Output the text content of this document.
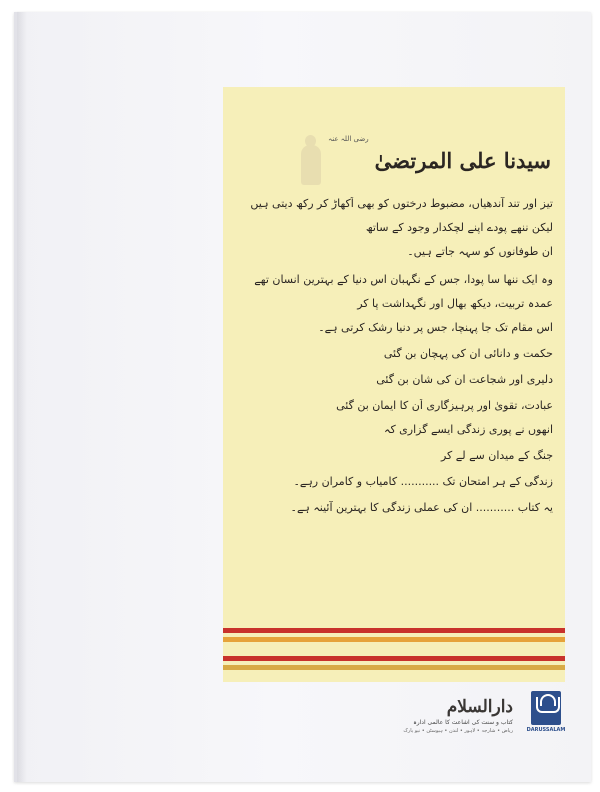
سیدنا علی المرتضیٰ
رضی اللہ عنہ
تیز اور تند آندھیاں، مضبوط درختوں کو بھی اُکھاڑ کر رکھ دیتی ہیں
لیکن ننھے پودے اپنے لچکدار وجود کے ساتھ
ان طوفانوں کو سہہ جاتے ہیں۔
وہ ایک ننھا سا پودا، جس کے نگہبان اس دنیا کے بہترین انسان تھے
عمدہ تربیت، دیکھ بھال اور نگہداشت پا کر
اس مقام تک جا پہنچا، جس پر دنیا رشک کرتی ہے۔
حکمت و دانائی ان کی پہچان بن گئی
دلیری اور شجاعت ان کی شان بن گئی
عبادت، تقویٰ اور پرہیزگاری اُن کا ایمان بن گئی
انھوں نے پوری زندگی ایسے گزاری کہ
جنگ کے میدان سے لے کر
زندگی کے ہر امتحان تک ........... کامیاب و کامران رہے۔
یہ کتاب ........... ان کی عملی زندگی کا بہترین آئینہ ہے۔
دارالسلام
کتاب و سنت کی اشاعت کا عالمی ادارہ
ریاض • شارجہ • لاہور • لندن • ہیوسٹن • نیو یارک	DARUSSALAM
